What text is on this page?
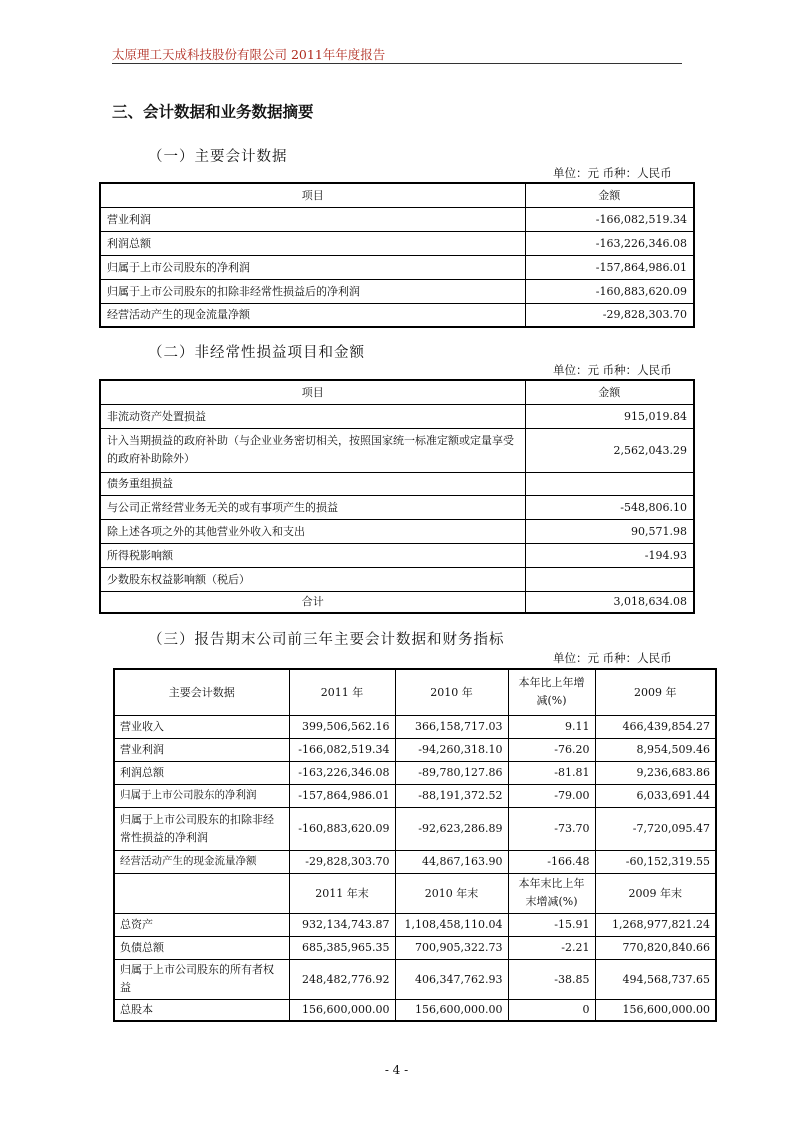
太原理工天成科技股份有限公司 2011年年度报告
三、会计数据和业务数据摘要
（一）主要会计数据
单位：元 币种：人民币
项目	金额
营业利润	-166,082,519.34
利润总额	-163,226,346.08
归属于上市公司股东的净利润	-157,864,986.01
归属于上市公司股东的扣除非经常性损益后的净利润	-160,883,620.09
经营活动产生的现金流量净额	-29,828,303.70
（二）非经常性损益项目和金额
单位：元 币种：人民币
项目	金额
非流动资产处置损益	915,019.84
计入当期损益的政府补助（与企业业务密切相关，按照国家统一标准定额或定量享受的政府补助除外）	2,562,043.29
债务重组损益	
与公司正常经营业务无关的或有事项产生的损益	-548,806.10
除上述各项之外的其他营业外收入和支出	90,571.98
所得税影响额	-194.93
少数股东权益影响额（税后）	
合计	3,018,634.08
（三）报告期末公司前三年主要会计数据和财务指标
单位：元 币种：人民币
主要会计数据	2011 年	2010 年	本年比上年增减(%)	2009 年
营业收入	399,506,562.16	366,158,717.03	9.11	466,439,854.27
营业利润	-166,082,519.34	-94,260,318.10	-76.20	8,954,509.46
利润总额	-163,226,346.08	-89,780,127.86	-81.81	9,236,683.86
归属于上市公司股东的净利润	-157,864,986.01	-88,191,372.52	-79.00	6,033,691.44
归属于上市公司股东的扣除非经常性损益的净利润	-160,883,620.09	-92,623,286.89	-73.70	-7,720,095.47
经营活动产生的现金流量净额	-29,828,303.70	44,867,163.90	-166.48	-60,152,319.55
	2011 年末	2010 年末	本年末比上年末增减(%)	2009 年末
总资产	932,134,743.87	1,108,458,110.04	-15.91	1,268,977,821.24
负债总额	685,385,965.35	700,905,322.73	-2.21	770,820,840.66
归属于上市公司股东的所有者权益	248,482,776.92	406,347,762.93	-38.85	494,568,737.65
总股本	156,600,000.00	156,600,000.00	0	156,600,000.00
- 4 -
